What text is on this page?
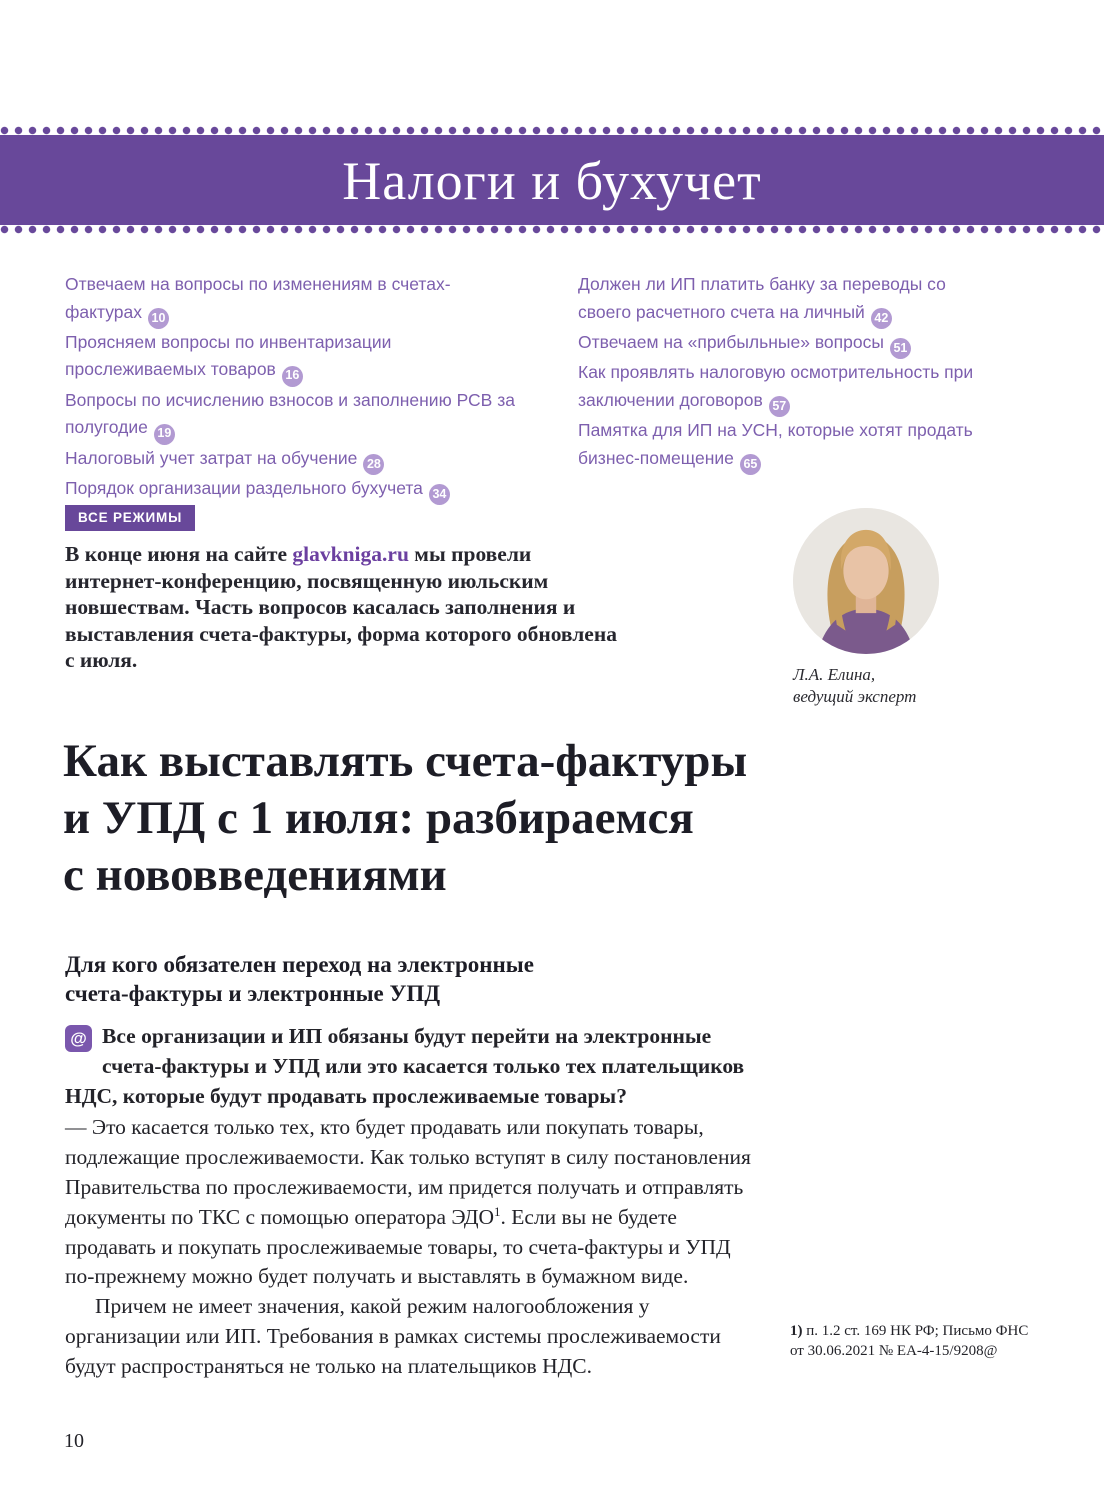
Налоги и бухучет
Отвечаем на вопросы по изменениям в счетах-фактурах 10
Проясняем вопросы по инвентаризации прослеживаемых товаров 16
Вопросы по исчислению взносов и заполнению РСВ за полугодие 19
Налоговый учет затрат на обучение 28
Порядок организации раздельного бухучета 34
Должен ли ИП платить банку за переводы со своего расчетного счета на личный 42
Отвечаем на «прибыльные» вопросы 51
Как проявлять налоговую осмотрительность при заключении договоров 57
Памятка для ИП на УСН, которые хотят продать бизнес-помещение 65
ВСЕ РЕЖИМЫ
В конце июня на сайте glavkniga.ru мы провели интернет-конференцию, посвященную июльским новшествам. Часть вопросов касалась заполнения и выставления счета-фактуры, форма которого обновлена с июля.
Л.А. Елина,
ведущий эксперт
Как выставлять счета-фактуры
и УПД с 1 июля: разбираемся
с нововведениями
Для кого обязателен переход на электронные
счета-фактуры и электронные УПД

@ Все организации и ИП обязаны будут перейти на электронные счета-фактуры и УПД или это касается только тех плательщиков НДС, которые будут продавать прослеживаемые товары?

— Это касается только тех, кто будет продавать или покупать товары, подлежащие прослеживаемости. Как только вступят в силу постановления Правительства по прослеживаемости, им придется получать и отправлять документы по ТКС с помощью оператора ЭДО$^1$. Если вы не будете продавать и покупать прослеживаемые товары, то счета-фактуры и УПД по-прежнему можно будет получать и выставлять в бумажном виде.

Причем не имеет значения, какой режим налогообложения у организации или ИП. Требования в рамках системы прослеживаемости будут распространяться не только на плательщиков НДС.

1) п. 1.2 ст. 169 НК РФ; Письмо ФНС от 30.06.2021 № ЕА-4-15/9208@
10
